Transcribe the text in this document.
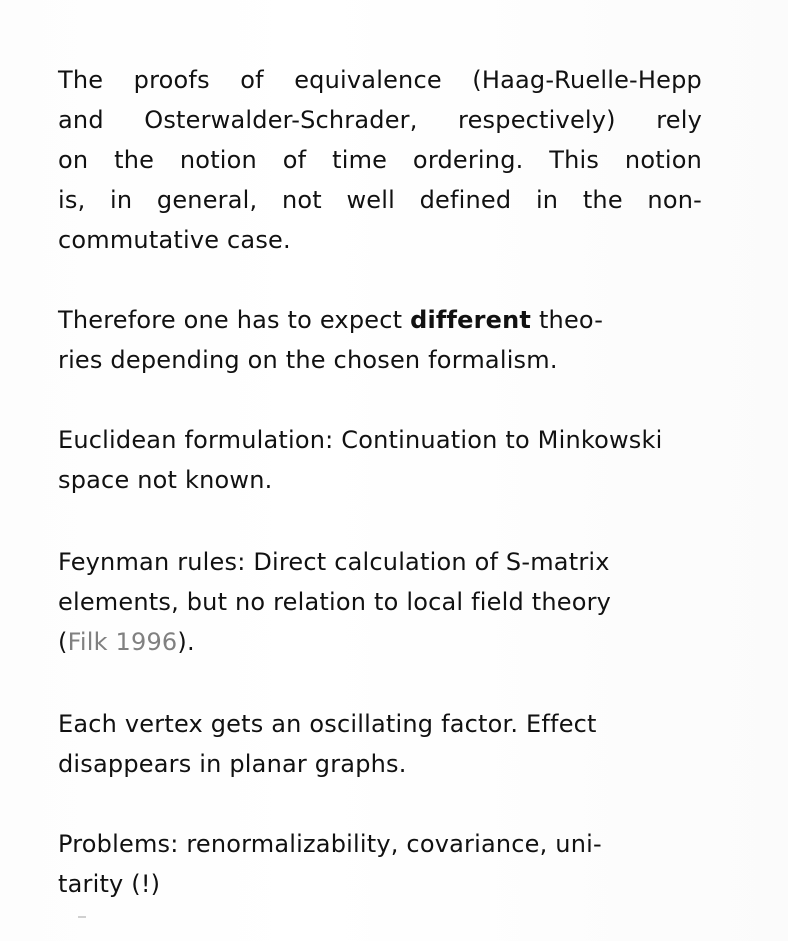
The proofs of equivalence (Haag-Ruelle-Hepp
and Osterwalder-Schrader, respectively) rely
on the notion of time ordering. This notion
is, in general, not well defined in the non-
commutative case.

Therefore one has to expect different theo-
ries depending on the chosen formalism.

Euclidean formulation: Continuation to Minkowski
space not known.

Feynman rules: Direct calculation of S-matrix
elements, but no relation to local field theory
(Filk 1996).

Each vertex gets an oscillating factor. Effect
disappears in planar graphs.

Problems: renormalizability, covariance, uni-
tarity (!)
